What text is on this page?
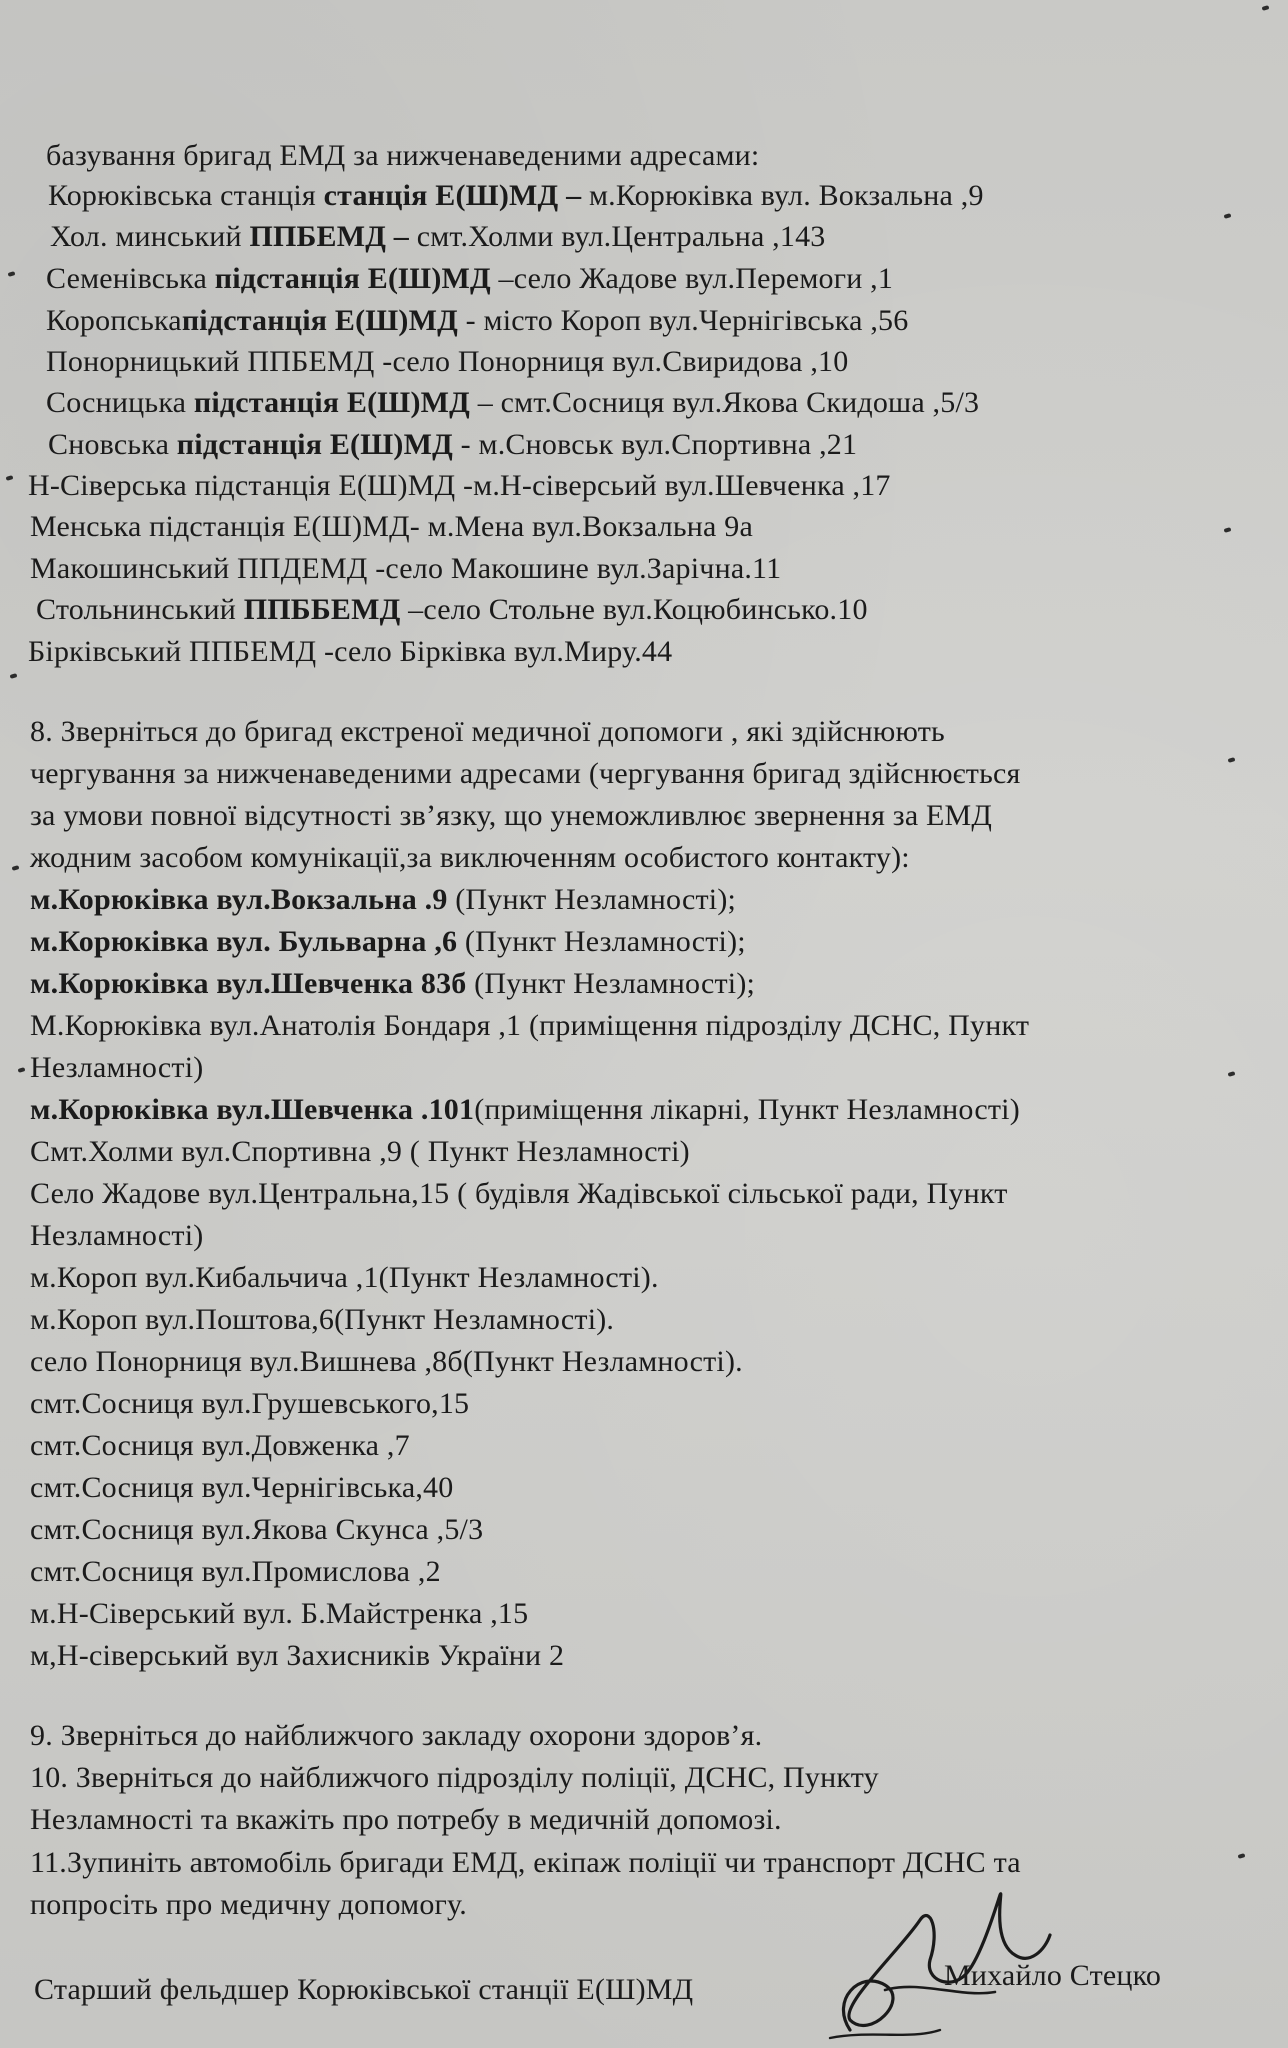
базування бригад ЕМД за нижченаведеними адресами:
Корюківська станція станція Е(Ш)МД – м.Корюківка вул. Вокзальна ,9
Хол. минський ППБЕМД – смт.Холми вул.Центральна ,143
Семенівська підстанція Е(Ш)МД –село Жадове вул.Перемоги ,1
Коропськапідстанція Е(Ш)МД - місто Короп вул.Чернігівська ,56
Понорницький ППБЕМД -село Понорниця вул.Свиридова ,10
Сосницька підстанція Е(Ш)МД – смт.Сосниця вул.Якова Скидоша ,5/3
Сновська підстанція Е(Ш)МД - м.Сновськ вул.Спортивна ,21
Н-Сіверська підстанція Е(Ш)МД -м.Н-сіверсьий вул.Шевченка ,17
Менська підстанція Е(Ш)МД- м.Мена вул.Вокзальна 9а
Макошинський ППДЕМД -село Макошине вул.Зарічна.11
Стольнинський ППББЕМД –село Стольне вул.Коцюбинсько.10
Бірківський ППБЕМД -село Бірківка вул.Миру.44
8. Зверніться до бригад екстреної медичної допомоги , які здійснюють
чергування за нижченаведеними адресами (чергування бригад здійснюється
за умови повної відсутності зв’язку, що унеможливлює звернення за ЕМД
жодним засобом комунікації,за виключенням особистого контакту):
м.Корюківка вул.Вокзальна .9 (Пункт Незламності);
м.Корюківка вул. Бульварна ,6 (Пункт Незламності);
м.Корюківка вул.Шевченка 83б (Пункт Незламності);
М.Корюківка вул.Анатолія Бондаря ,1 (приміщення підрозділу ДСНС, Пункт
Незламності)
м.Корюківка вул.Шевченка .101(приміщення лікарні, Пункт Незламності)
Смт.Холми вул.Спортивна ,9 ( Пункт Незламності)
Село Жадове вул.Центральна,15 ( будівля Жадівської сільської ради, Пункт
Незламності)
м.Короп вул.Кибальчича ,1(Пункт Незламності).
м.Короп вул.Поштова,6(Пункт Незламності).
село Понорниця вул.Вишнева ,8б(Пункт Незламності).
смт.Сосниця вул.Грушевського,15
смт.Сосниця вул.Довженка ,7
смт.Сосниця вул.Чернігівська,40
смт.Сосниця вул.Якова Скунса ,5/3
смт.Сосниця вул.Промислова ,2
м.Н-Сіверський вул. Б.Майстренка ,15
м,Н-сіверський вул Захисників України 2
9. Зверніться до найближчого закладу охорони здоров’я.
10. Зверніться до найближчого підрозділу поліції, ДСНС, Пункту
Незламності та вкажіть про потребу в медичній допомозі.
11.Зупиніть автомобіль бригади ЕМД, екіпаж поліції чи транспорт ДСНС та
попросіть про медичну допомогу.
Старший фельдшер Корюківської станції Е(Ш)МД	Михайло Стецко
